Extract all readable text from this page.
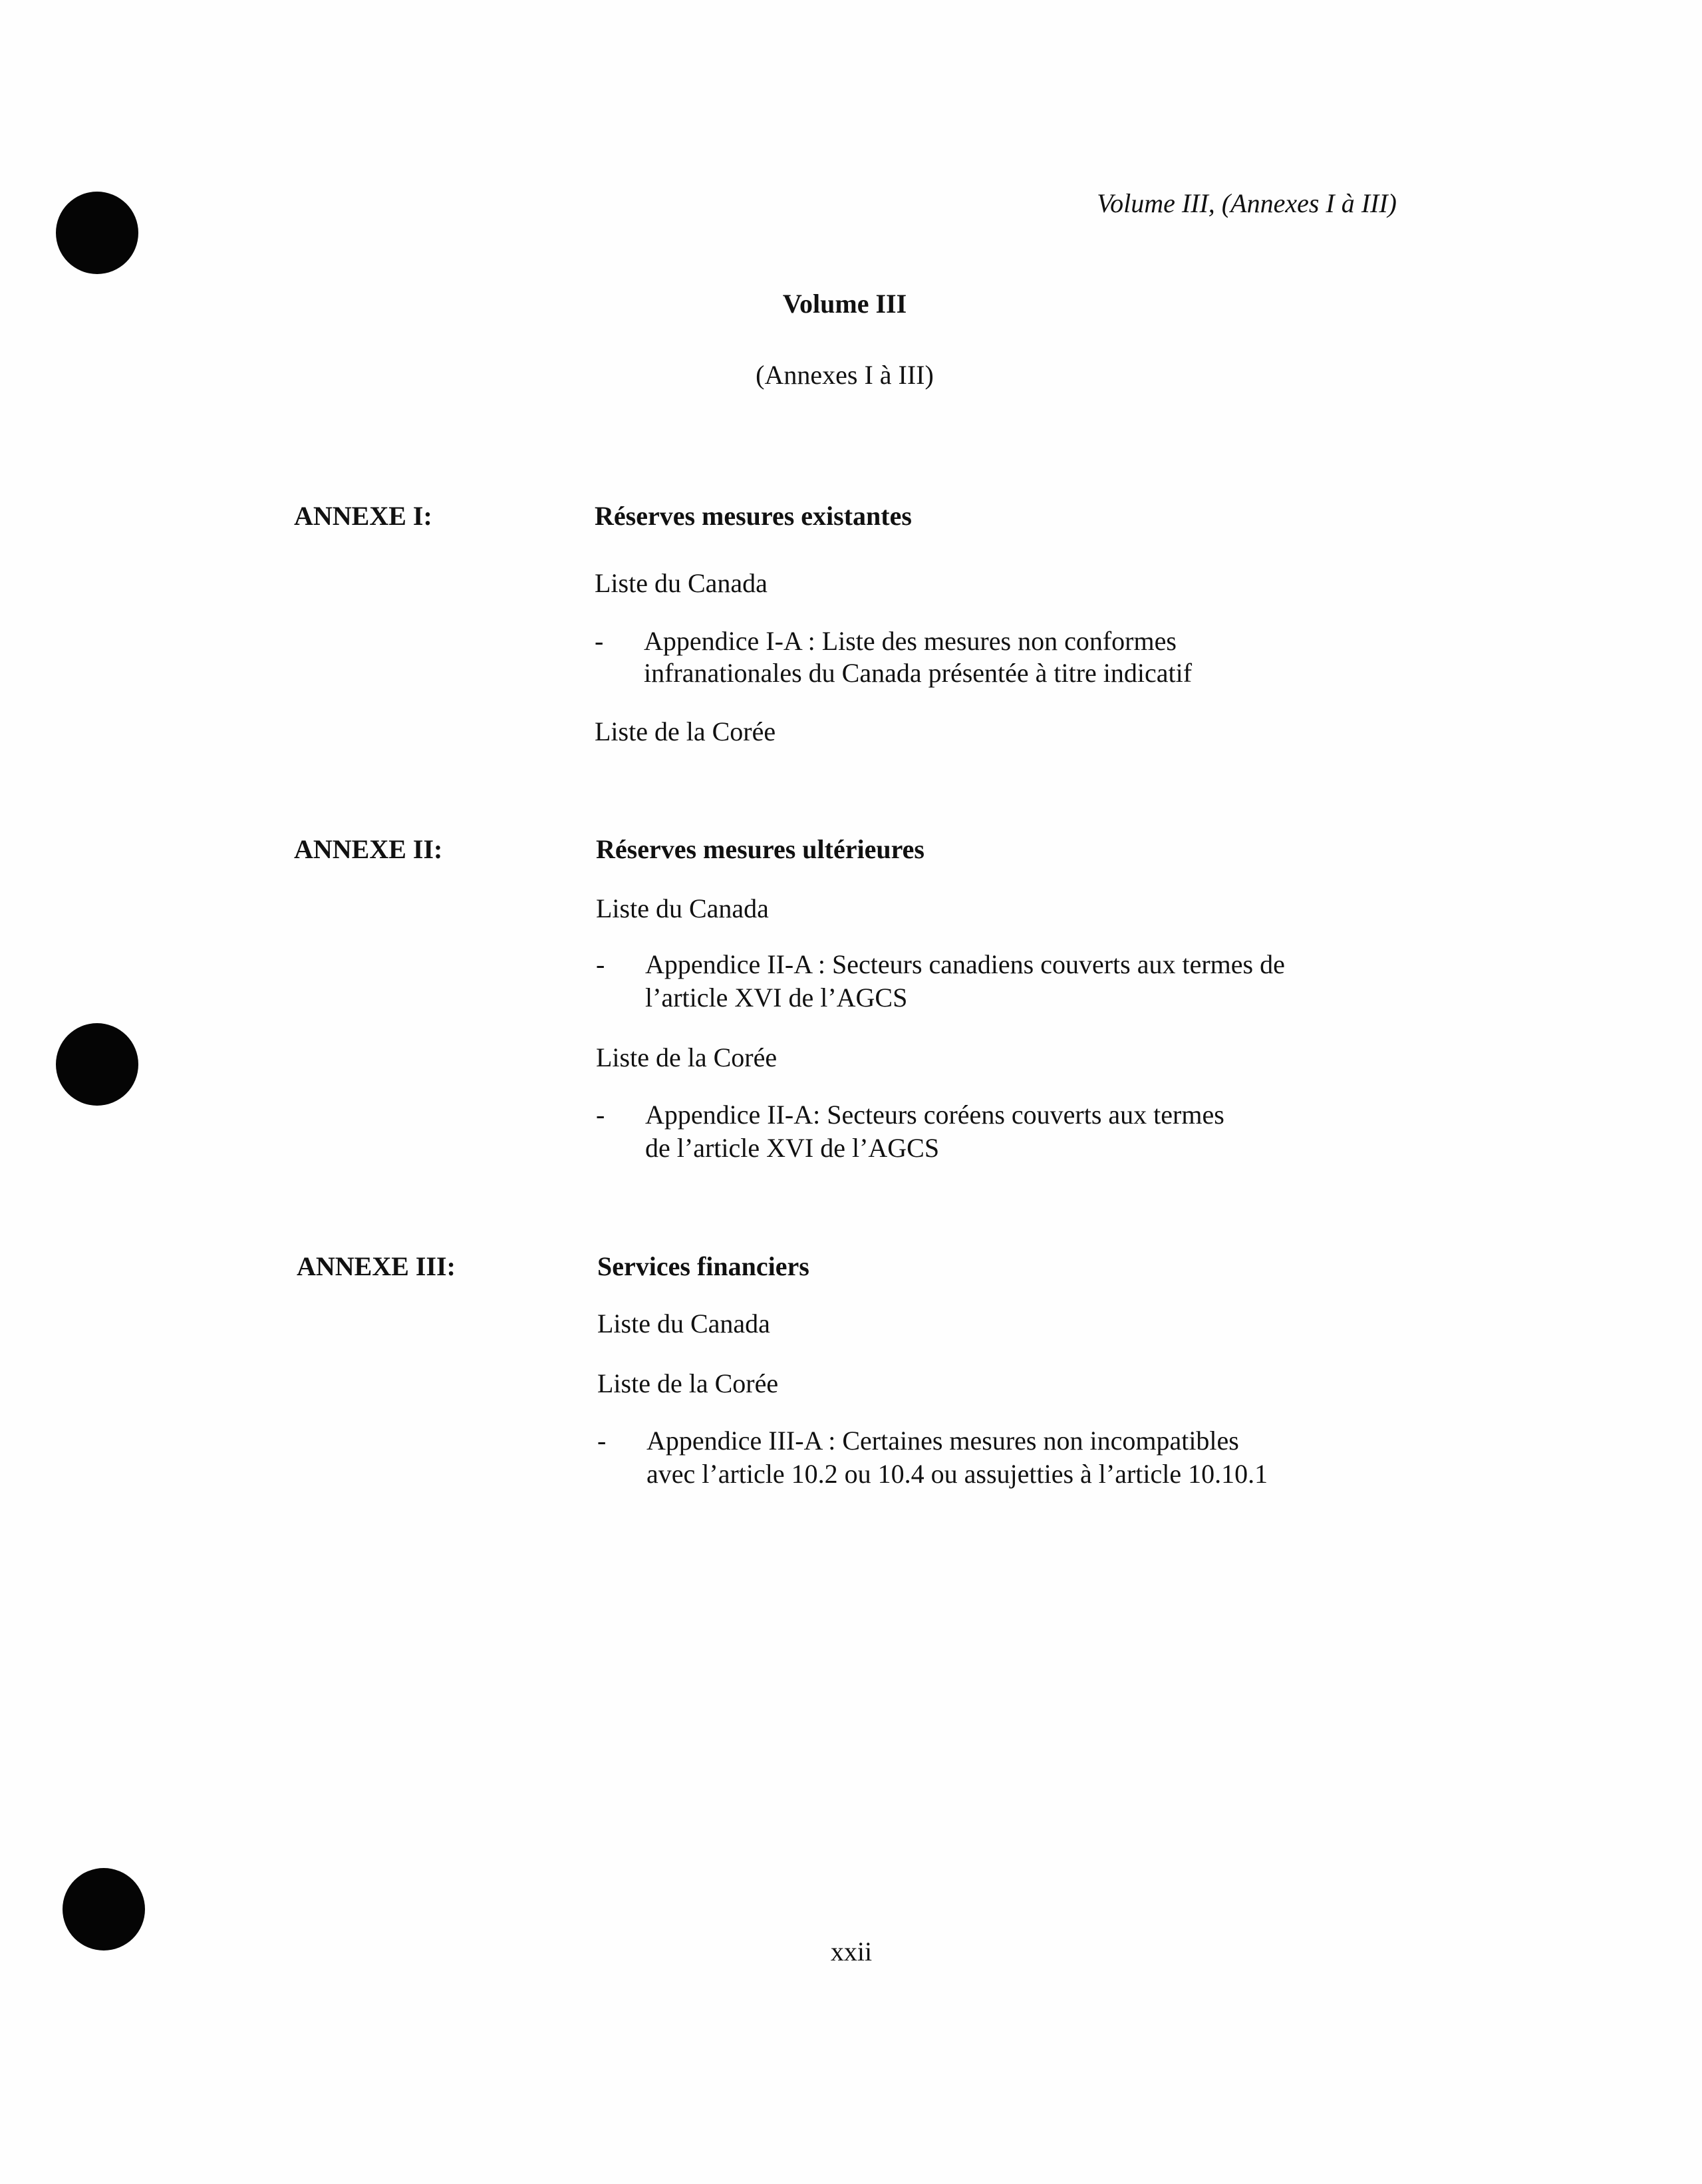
Volume III, (Annexes I à III)
Volume III
(Annexes I à III)
ANNEXE I:	Réserves mesures existantes
Liste du Canada
- Appendice I-A : Liste des mesures non conformes
infranationales du Canada présentée à titre indicatif
Liste de la Corée
ANNEXE II:	Réserves mesures ultérieures
Liste du Canada
- Appendice II-A : Secteurs canadiens couverts aux termes de
l’article XVI de l’AGCS
Liste de la Corée
- Appendice II-A: Secteurs coréens couverts aux termes
de l’article XVI de l’AGCS
ANNEXE III:	Services financiers
Liste du Canada
Liste de la Corée
- Appendice III-A : Certaines mesures non incompatibles
avec l’article 10.2 ou 10.4 ou assujetties à l’article 10.10.1
xxii
